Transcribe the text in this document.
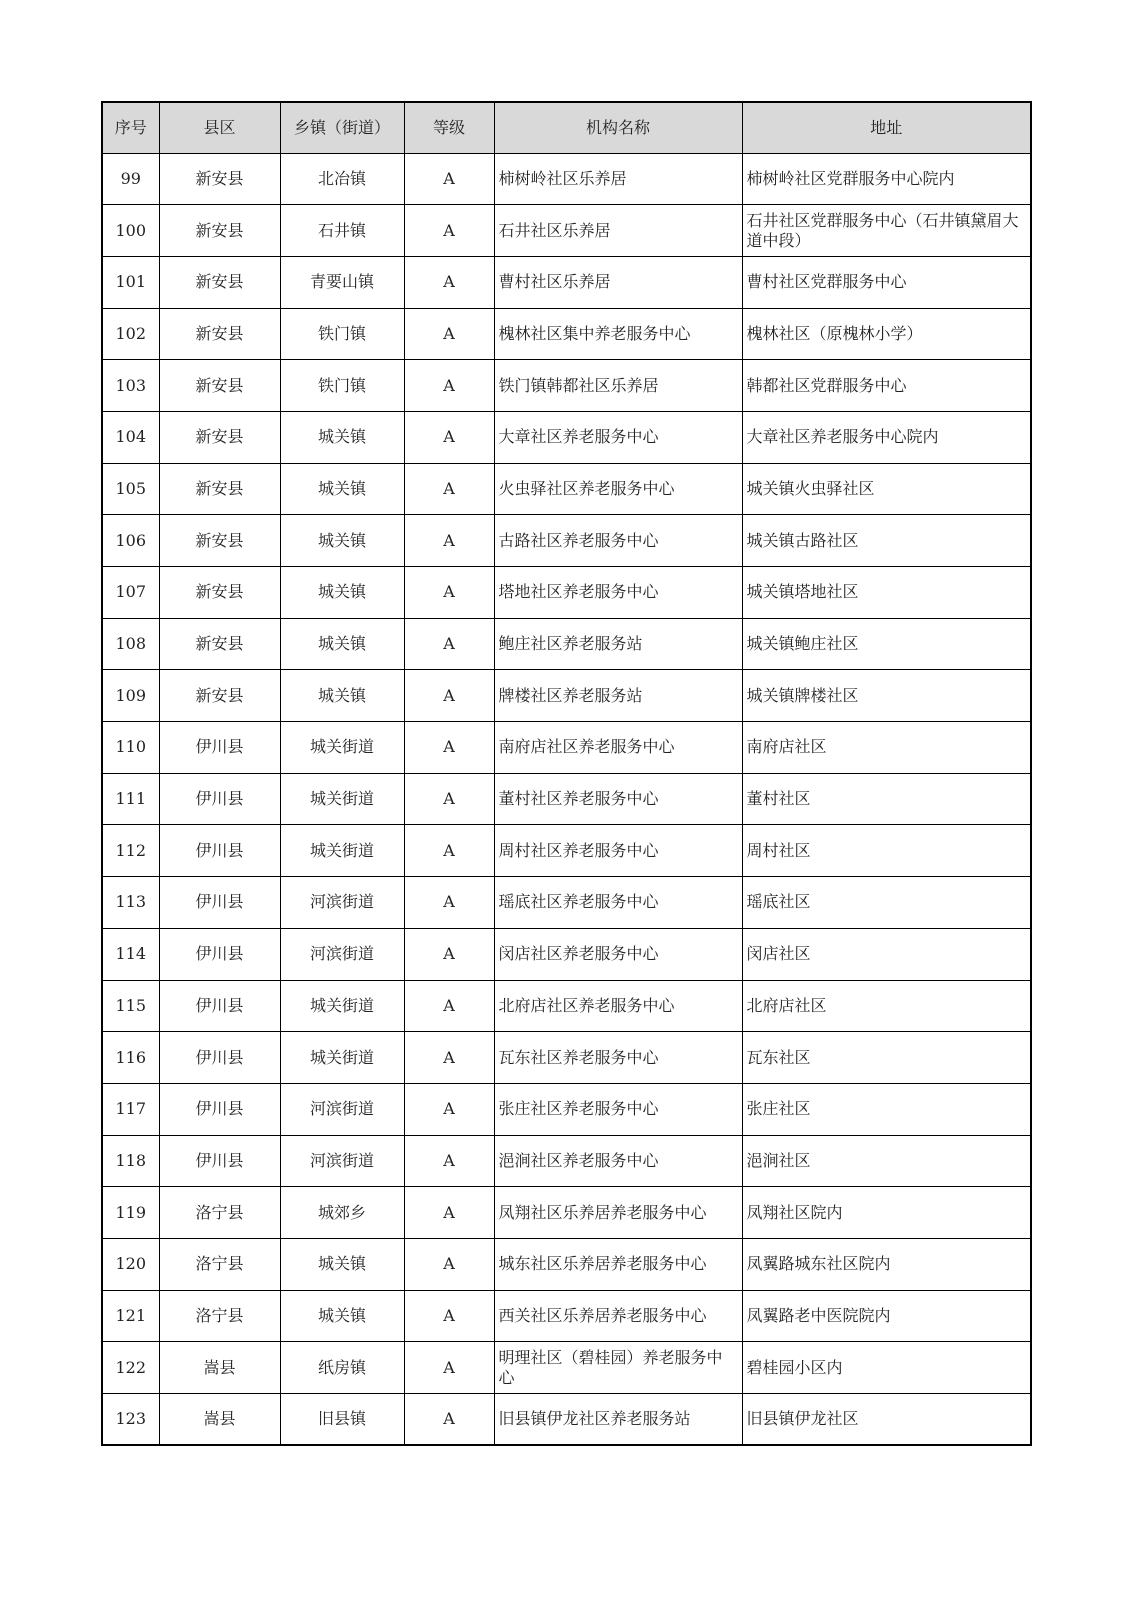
序号	县区	乡镇（街道）	等级	机构名称	地址
99	新安县	北冶镇	A	柿树岭社区乐养居	柿树岭社区党群服务中心院内
100	新安县	石井镇	A	石井社区乐养居	石井社区党群服务中心（石井镇黛眉大道中段）
101	新安县	青要山镇	A	曹村社区乐养居	曹村社区党群服务中心
102	新安县	铁门镇	A	槐林社区集中养老服务中心	槐林社区（原槐林小学）
103	新安县	铁门镇	A	铁门镇韩都社区乐养居	韩都社区党群服务中心
104	新安县	城关镇	A	大章社区养老服务中心	大章社区养老服务中心院内
105	新安县	城关镇	A	火虫驿社区养老服务中心	城关镇火虫驿社区
106	新安县	城关镇	A	古路社区养老服务中心	城关镇古路社区
107	新安县	城关镇	A	塔地社区养老服务中心	城关镇塔地社区
108	新安县	城关镇	A	鲍庄社区养老服务站	城关镇鲍庄社区
109	新安县	城关镇	A	牌楼社区养老服务站	城关镇牌楼社区
110	伊川县	城关街道	A	南府店社区养老服务中心	南府店社区
111	伊川县	城关街道	A	董村社区养老服务中心	董村社区
112	伊川县	城关街道	A	周村社区养老服务中心	周村社区
113	伊川县	河滨街道	A	瑶底社区养老服务中心	瑶底社区
114	伊川县	河滨街道	A	闵店社区养老服务中心	闵店社区
115	伊川县	城关街道	A	北府店社区养老服务中心	北府店社区
116	伊川县	城关街道	A	瓦东社区养老服务中心	瓦东社区
117	伊川县	河滨街道	A	张庄社区养老服务中心	张庄社区
118	伊川县	河滨街道	A	浥涧社区养老服务中心	浥涧社区
119	洛宁县	城郊乡	A	凤翔社区乐养居养老服务中心	凤翔社区院内
120	洛宁县	城关镇	A	城东社区乐养居养老服务中心	凤翼路城东社区院内
121	洛宁县	城关镇	A	西关社区乐养居养老服务中心	凤翼路老中医院院内
122	嵩县	纸房镇	A	明理社区（碧桂园）养老服务中心	碧桂园小区内
123	嵩县	旧县镇	A	旧县镇伊龙社区养老服务站	旧县镇伊龙社区
